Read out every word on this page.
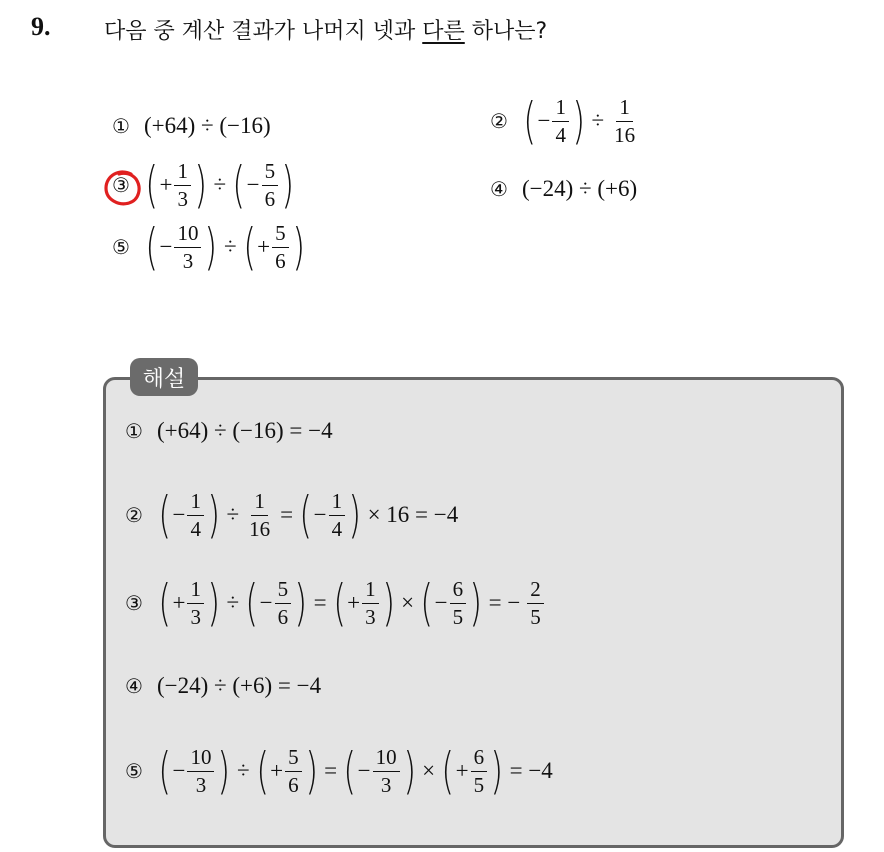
9. 다음 중 계산 결과가 나머지 넷과 다른 하나는?
① (+64) ÷ (−16)	② ( − $\frac{1}{4}$ ) ÷ $\frac{1}{16}$
③ ( + $\frac{1}{3}$ ) ÷ ( − $\frac{5}{6}$ )	④ (−24) ÷ (+6)
⑤ ( − $\frac{10}{3}$ ) ÷ ( + $\frac{5}{6}$ )
해설
① (+64) ÷ (−16) = −4
② ( − $\frac{1}{4}$ ) ÷ $\frac{1}{16}$ = ( − $\frac{1}{4}$ ) × 16 = −4
③ ( + $\frac{1}{3}$ ) ÷ ( − $\frac{5}{6}$ ) = ( + $\frac{1}{3}$ ) × ( − $\frac{6}{5}$ ) = − $\frac{2}{5}$
④ (−24) ÷ (+6) = −4
⑤ ( − $\frac{10}{3}$ ) ÷ ( + $\frac{5}{6}$ ) = ( − $\frac{10}{3}$ ) × ( + $\frac{6}{5}$ ) = −4
